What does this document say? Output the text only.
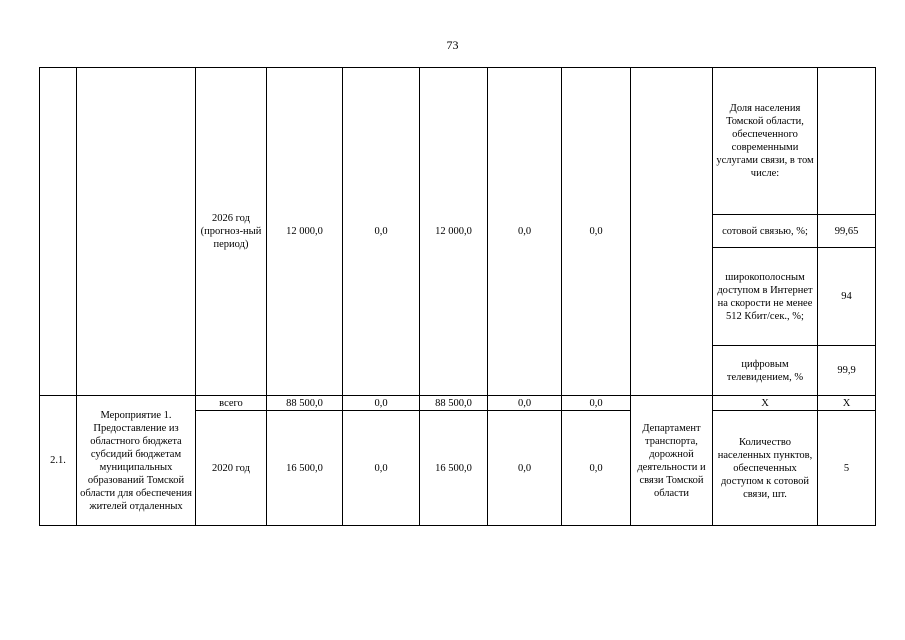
73
		2026 год (прогноз-ный период)	12 000,0	0,0	12 000,0	0,0	0,0		Доля населения Томской области, обеспеченного современными услугами связи, в том числе:	
									сотовой связью, %;	99,65
									широкополосным доступом в Интернет на скорости не менее 512 Кбит/сек., %;	94
									цифровым телевидением, %	99,9
2.1.	Мероприятие 1. Предоставление из областного бюджета субсидий бюджетам муниципальных образований Томской области для обеспечения жителей отдаленных	всего	88 500,0	0,0	88 500,0	0,0	0,0	Департамент транспорта, дорожной деятельности и связи Томской области	Х	Х
		2020 год	16 500,0	0,0	16 500,0	0,0	0,0		Количество населенных пунктов, обеспеченных доступом к сотовой связи, шт.	5
